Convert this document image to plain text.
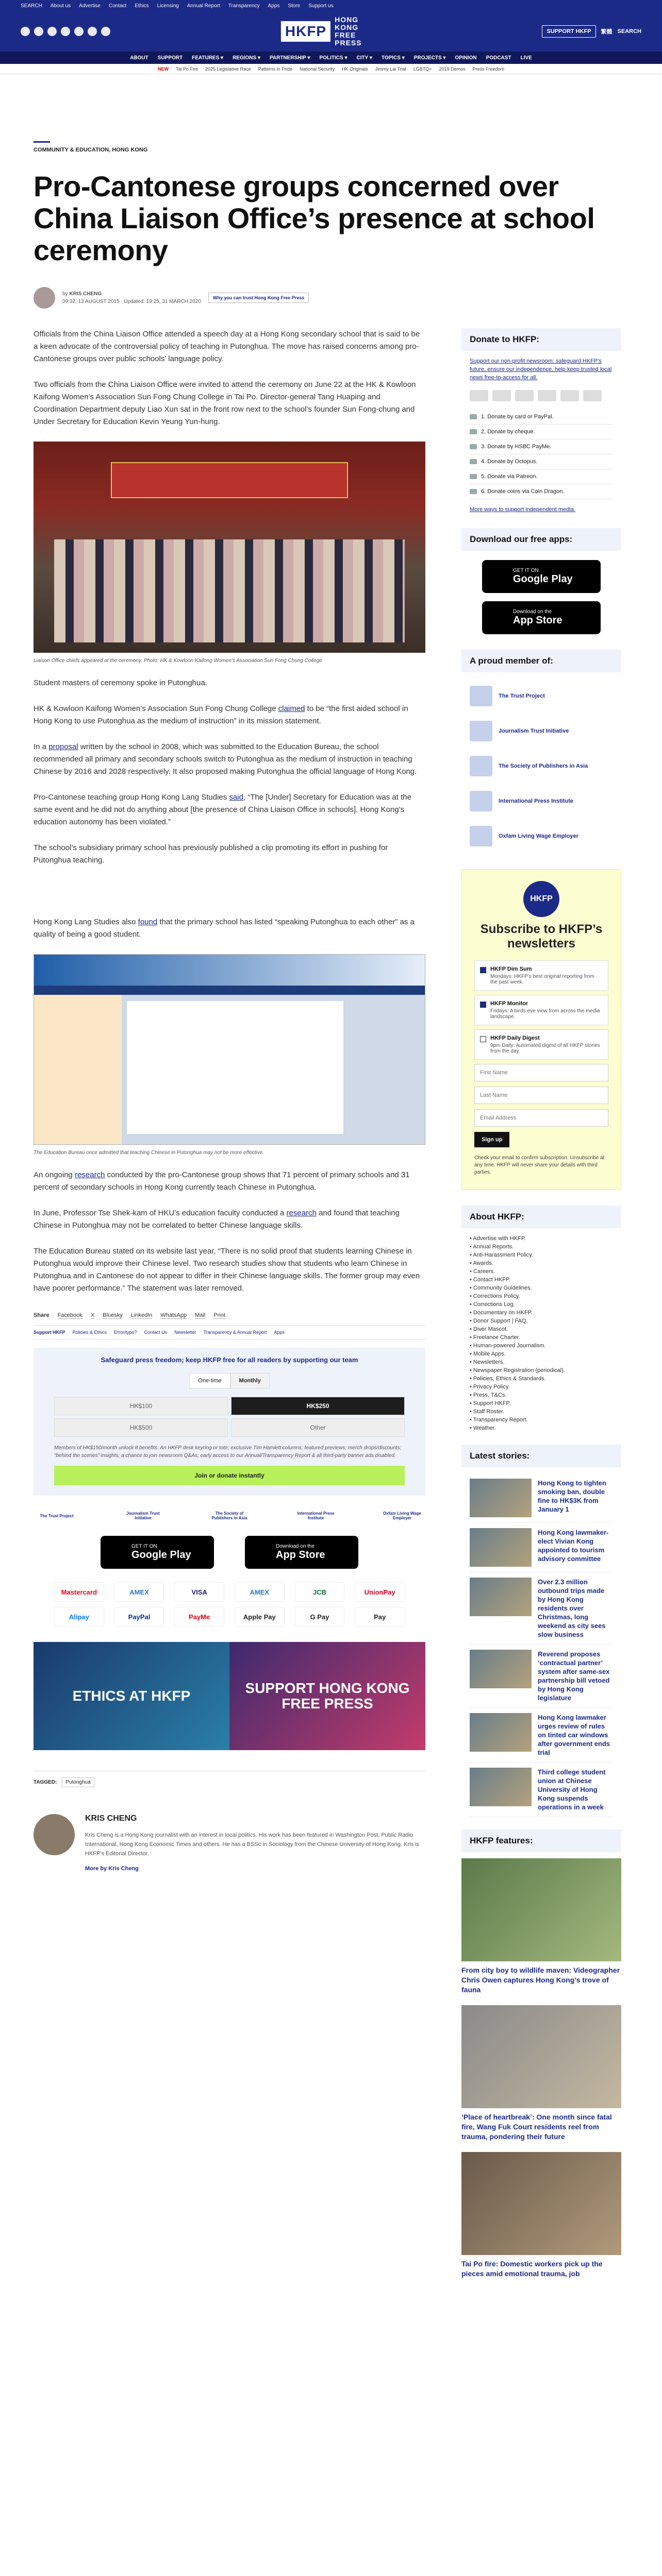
SEARCH About us Advertise Contact Ethics Licensing Annual Report Transparency Apps Store Support us
HKFP
HONG KONG FREE PRESS
SUPPORT HKFP	繁體 SEARCH
ABOUT SUPPORT FEATURES ▾ REGIONS ▾ PARTNERSHIP ▾ POLITICS ▾ CITY ▾ TOPICS ▾ PROJECTS ▾ OPINION PODCAST LIVE
NEW Tai Po Fire 2025 Legislative Race Patterns in Pride National Security HK Originals Jimmy Lai Trial LGBTQ+ 2019 Demos Press Freedom
COMMUNITY & EDUCATION, HONG KONG
Pro-Cantonese groups concerned over China Liaison Office’s presence at school ceremony
by KRIS CHENG
09:32, 13 AUGUST 2015 · Updated: 19:25, 31 MARCH 2020
Why you can trust Hong Kong Free Press

Officials from the China Liaison Office attended a speech day at a Hong Kong secondary school that is said to be a keen advocate of the controversial policy of teaching in Putonghua. The move has raised concerns among pro-Cantonese groups over public schools’ language policy.

Two officials from the China Liaison Office were invited to attend the ceremony on June 22 at the HK & Kowloon Kaifong Women’s Association Sun Fong Chung College in Tai Po. Director-general Tang Huaping and Coordination Department deputy Liao Xun sat in the front row next to the school’s founder Sun Fong-chung and Under Secretary for Education Kevin Yeung Yun-hung.

Liaison Office chiefs appeared at the ceremony. Photo: HK & Kowloon Kaifong Women’s Association Sun Fong Chung College

Student masters of ceremony spoke in Putonghua.

HK & Kowloon Kaifong Women’s Association Sun Fong Chung College claimed to be “the first aided school in Hong Kong to use Putonghua as the medium of instruction” in its mission statement.

In a proposal written by the school in 2008, which was submitted to the Education Bureau, the school recommended all primary and secondary schools switch to Putonghua as the medium of instruction in teaching Chinese by 2016 and 2028 respectively. It also proposed making Putonghua the official language of Hong Kong.

Pro-Cantonese teaching group Hong Kong Lang Studies said, “The [Under] Secretary for Education was at the same event and he did not do anything about [the presence of China Liaison Office in schools]. Hong Kong’s education autonomy has been violated.”

The school’s subsidiary primary school has previously published a clip promoting its effort in pushing for Putonghua teaching.

Hong Kong Lang Studies also found that the primary school has listed “speaking Putonghua to each other” as a quality of being a good student.

The Education Bureau once admitted that teaching Chinese in Putonghua may not be more effective.

An ongoing research conducted by the pro-Cantonese group shows that 71 percent of primary schools and 31 percent of secondary schools in Hong Kong currently teach Chinese in Putonghua.

In June, Professor Tse Shek-kam of HKU’s education faculty conducted a research and found that teaching Chinese in Putonghua may not be correlated to better Chinese language skills.

The Education Bureau stated on its website last year, “There is no solid proof that students learning Chinese in Putonghua would improve their Chinese level. Two research studies show that students who learn Chinese in Putonghua and in Cantonese do not appear to differ in their Chinese language skills. The former group may even have poorer performance.” The statement was later removed.

Share Facebook X Bluesky LinkedIn WhatsApp Mail Print
Support HKFP Policies & Ethics Error/typo? Contact Us Newsletter Transparency & Annual Report Apps
Safeguard press freedom; keep HKFP free for all readers by supporting our team
One-time	Monthly
HK$100	HK$250
HK$500	Other
Members of HK$150/month unlock 8 benefits: An HKFP desk keyring or tote; exclusive Tim Hamlett columns; featured previews; merch drops/discounts; “behind the scenes” insights; a chance to join newsroom Q&As; early access to our Annual/Transparency Report & all third-party banner ads disabled.
Join or donate instantly
The Trust Project	Journalism Trust Initiative
The Society of Publishers in Asia
International Press Institute
Oxfam Living Wage Employer
GET IT ON
Google Play
Download on the
App Store
Mastercard	AMEX	VISA	AMEX	JCB	UnionPay
Alipay	PayPal	PayMe	Apple Pay	G Pay	Pay
ETHICS AT HKFP	SUPPORT HONG KONG FREE PRESS
TAGGED: Putonghua
KRIS CHENG

Kris Cheng is a Hong Kong journalist with an interest in local politics. His work has been featured in Washington Post, Public Radio International, Hong Kong Economic Times and others. He has a BSSc in Sociology from the Chinese University of Hong Kong. Kris is HKFP’s Editorial Director.

More by Kris Cheng
Donate to HKFP:

Support our non-profit newsroom: safeguard HKFP's future, ensure our independence, help keep trusted local news free-to-access for all.

1. Donate by card or PayPal.
2. Donate by cheque.
3. Donate by HSBC PayMe.
4. Donate by Octopus.
5. Donate via Patreon.
6. Donate coins via Coin Dragon.
More ways to support independent media.
Download our free apps:
GET IT ON
Google Play
Download on the
App Store
A proud member of:
The Trust Project
Journalism Trust Initiative
The Society of Publishers in Asia
International Press Institute
Oxfam Living Wage Employer
HKFP
Subscribe to HKFP’s newsletters
HKFP Dim Sum
Mondays: HKFP’s best original reporting from the past week.
HKFP Monitor
Fridays: A birds-eye view from across the media landscape.
HKFP Daily Digest
9pm Daily: Automated digest of all HKFP stories from the day.
First Name Last Name Email Address Sign up

Check your email to confirm subscription. Unsubscribe at any time. HKFP will never share your details with third parties.

About HKFP:
• Advertise with HKFP.
• Annual Reports.
• Anti-Harassment Policy.
• Awards.
• Careers.
• Contact HKFP.
• Community Guidelines.
• Corrections Policy.
• Corrections Log.
• Documentary on HKFP.
• Donor Support | FAQ.
• Diver Mascot.
• Freelance Charter.
• Human-powered Journalism.
• Mobile Apps.
• Newsletters.
• Newspaper Registration (periodical).
• Policies, Ethics & Standards.
• Privacy Policy.
• Press, T&Cs.
• Support HKFP.
• Staff Roster.
• Transparency Report.
• Weather.
Latest stories:
Hong Kong to tighten smoking ban, double fine to HK$3K from January 1
Hong Kong lawmaker-elect Vivian Kong appointed to tourism advisory committee
Over 2.3 million outbound trips made by Hong Kong residents over Christmas, long weekend as city sees slow business
Reverend proposes ‘contractual partner’ system after same-sex partnership bill vetoed by Hong Kong legislature
Hong Kong lawmaker urges review of rules on tinted car windows after government ends trial
Third college student union at Chinese University of Hong Kong suspends operations in a week
HKFP features:
From city boy to wildlife maven: Videographer Chris Owen captures Hong Kong’s trove of fauna
‘Place of heartbreak’: One month since fatal fire, Wang Fuk Court residents reel from trauma, pondering their future
Tai Po fire: Domestic workers pick up the pieces amid emotional trauma, job
